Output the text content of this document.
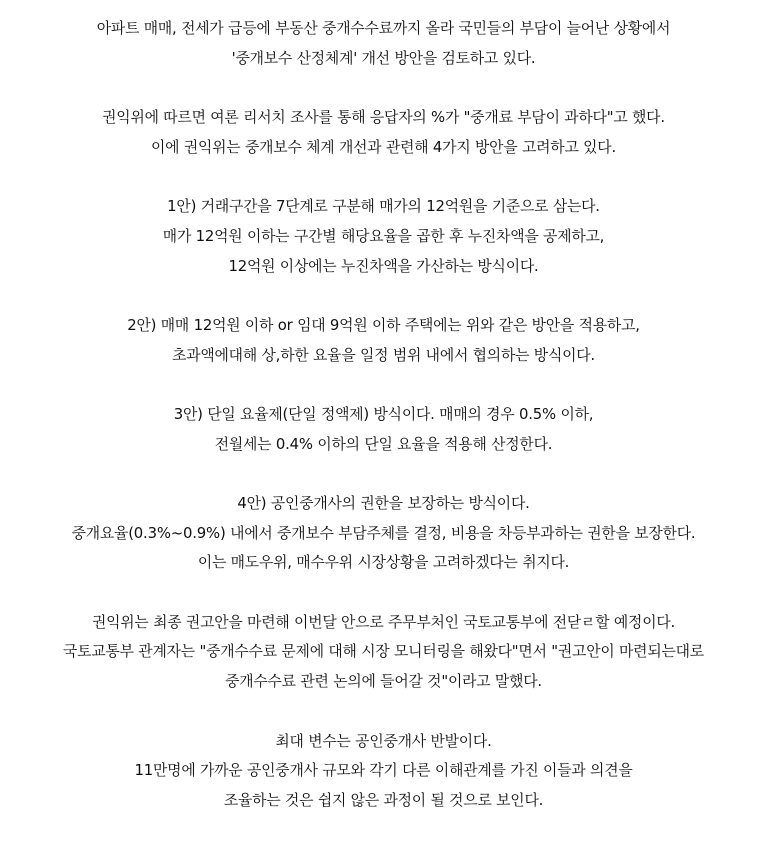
아파트 매매, 전세가 급등에 부동산 중개수수료까지 올라 국민들의 부담이 늘어난 상황에서
'중개보수 산정체계' 개선 방안을 검토하고 있다.
권익위에 따르면 여론 리서치 조사를 통해 응답자의 %가 "중개료 부담이 과하다"고 했다.
이에 권익위는 중개보수 체계 개선과 관련해 4가지 방안을 고려하고 있다.
1안) 거래구간을 7단계로 구분해 매가의 12억원을 기준으로 삼는다.
매가 12억원 이하는 구간별 해당요율을 곱한 후 누진차액을 공제하고,
12억원 이상에는 누진차액을 가산하는 방식이다.
2안) 매매 12억원 이하 or 임대 9억원 이하 주택에는 위와 같은 방안을 적용하고,
초과액에대해 상,하한 요율을 일정 범위 내에서 협의하는 방식이다.
3안) 단일 요율제(단일 정액제) 방식이다. 매매의 경우 0.5% 이하,
전월세는 0.4% 이하의 단일 요율을 적용해 산정한다.
4안) 공인중개사의 권한을 보장하는 방식이다.
중개요율(0.3%~0.9%) 내에서 중개보수 부담주체를 결정, 비용을 차등부과하는 권한을 보장한다.
이는 매도우위, 매수우위 시장상황을 고려하겠다는 취지다.
권익위는 최종 권고안을 마련해 이번달 안으로 주무부처인 국토교통부에 전닫ㄹ할 예정이다.
국토교통부 관계자는 "중개수수료 문제에 대해 시장 모니터링을 해왔다"면서 "권고안이 마련되는대로
중개수수료 관련 논의에 들어갈 것"이라고 말했다.
최대 변수는 공인중개사 반발이다.
11만명에 가까운 공인중개사 규모와 각기 다른 이해관계를 가진 이들과 의견을
조율하는 것은 쉽지 않은 과정이 될 것으로 보인다.
